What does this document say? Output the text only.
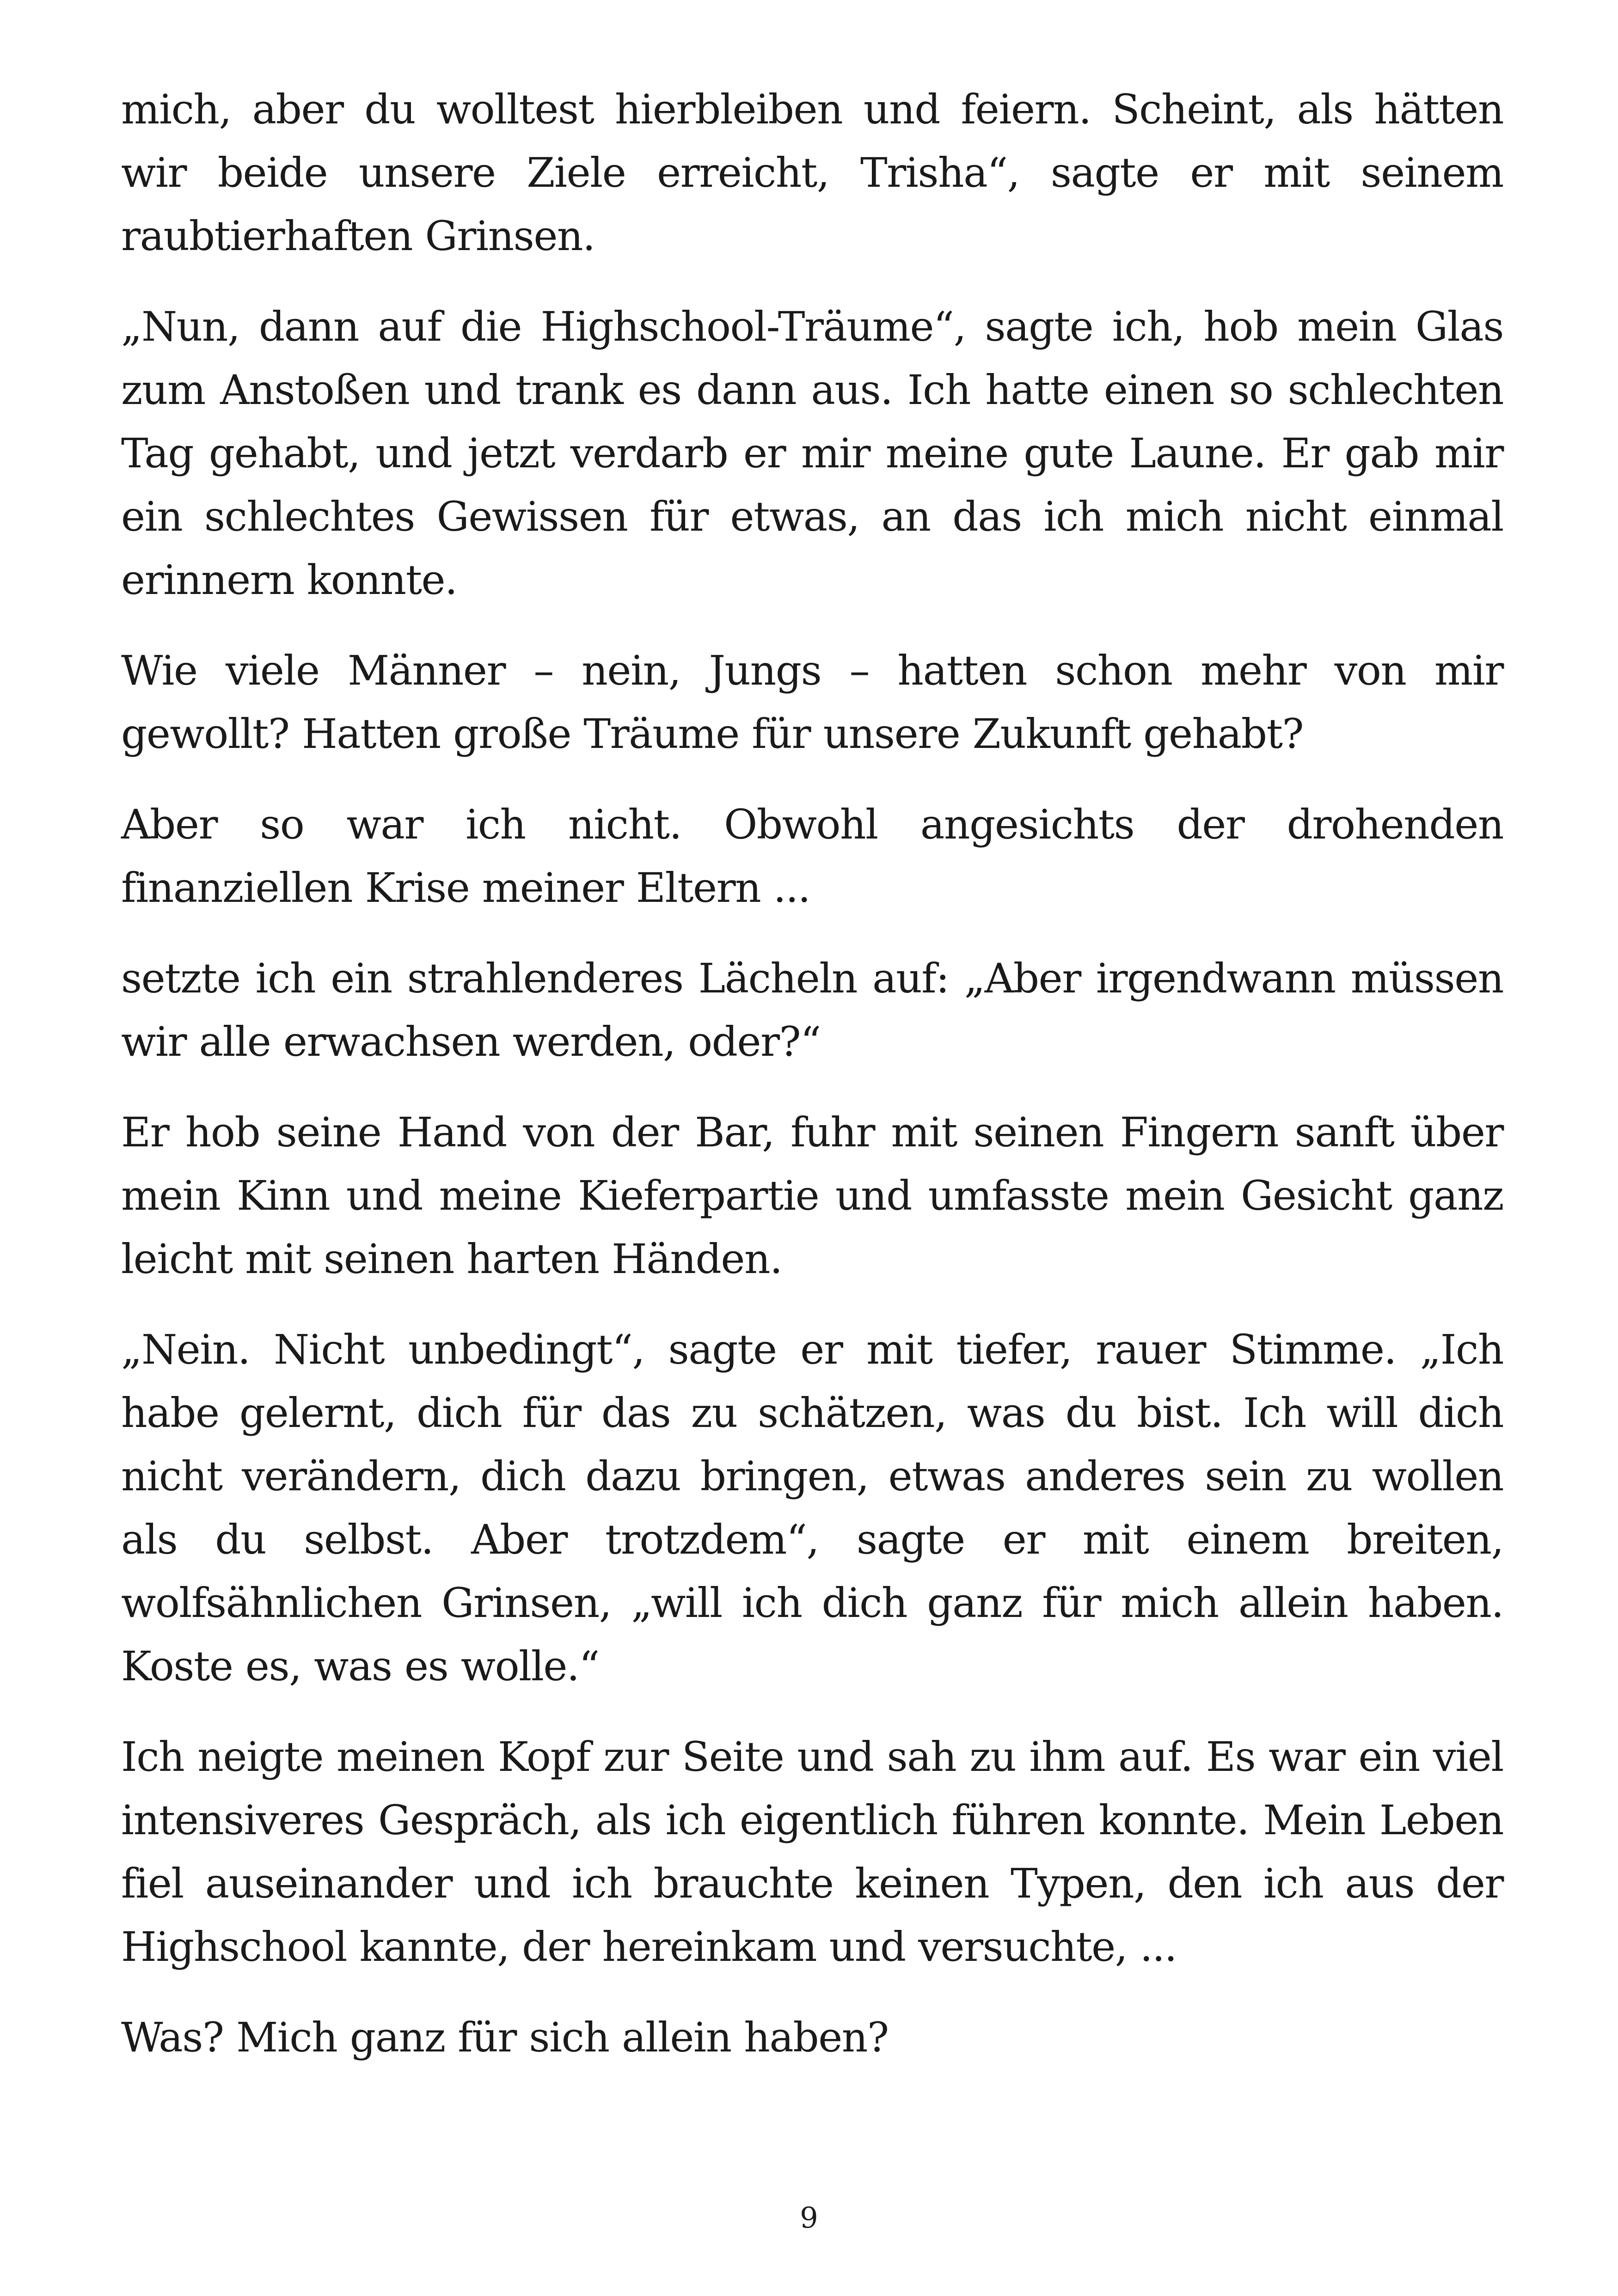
mich, aber du wolltest hierbleiben und feiern. Scheint, als hätten wir beide unsere Ziele erreicht, Trisha“, sagte er mit seinem raubtierhaften Grinsen.

„Nun, dann auf die Highschool-Träume“, sagte ich, hob mein Glas zum Anstoßen und trank es dann aus. Ich hatte einen so schlechten Tag gehabt, und jetzt verdarb er mir meine gute Laune. Er gab mir ein schlechtes Gewissen für etwas, an das ich mich nicht einmal erinnern konnte.

Wie viele Männer – nein, Jungs – hatten schon mehr von mir gewollt? Hatten große Träume für unsere Zukunft gehabt?

Aber so war ich nicht. Obwohl angesichts der drohenden finanziellen Krise meiner Eltern ...

setzte ich ein strahlenderes Lächeln auf: „Aber irgendwann müssen wir alle erwachsen werden, oder?“

Er hob seine Hand von der Bar, fuhr mit seinen Fingern sanft über mein Kinn und meine Kieferpartie und umfasste mein Gesicht ganz leicht mit seinen harten Händen.

„Nein. Nicht unbedingt“, sagte er mit tiefer, rauer Stimme. „Ich habe gelernt, dich für das zu schätzen, was du bist. Ich will dich nicht verändern, dich dazu bringen, etwas anderes sein zu wollen als du selbst. Aber trotzdem“, sagte er mit einem breiten, wolfsähnlichen Grinsen, „will ich dich ganz für mich allein haben. Koste es, was es wolle.“

Ich neigte meinen Kopf zur Seite und sah zu ihm auf. Es war ein viel intensiveres Gespräch, als ich eigentlich führen konnte. Mein Leben fiel auseinander und ich brauchte keinen Typen, den ich aus der Highschool kannte, der hereinkam und versuchte, ...

Was? Mich ganz für sich allein haben?

9
